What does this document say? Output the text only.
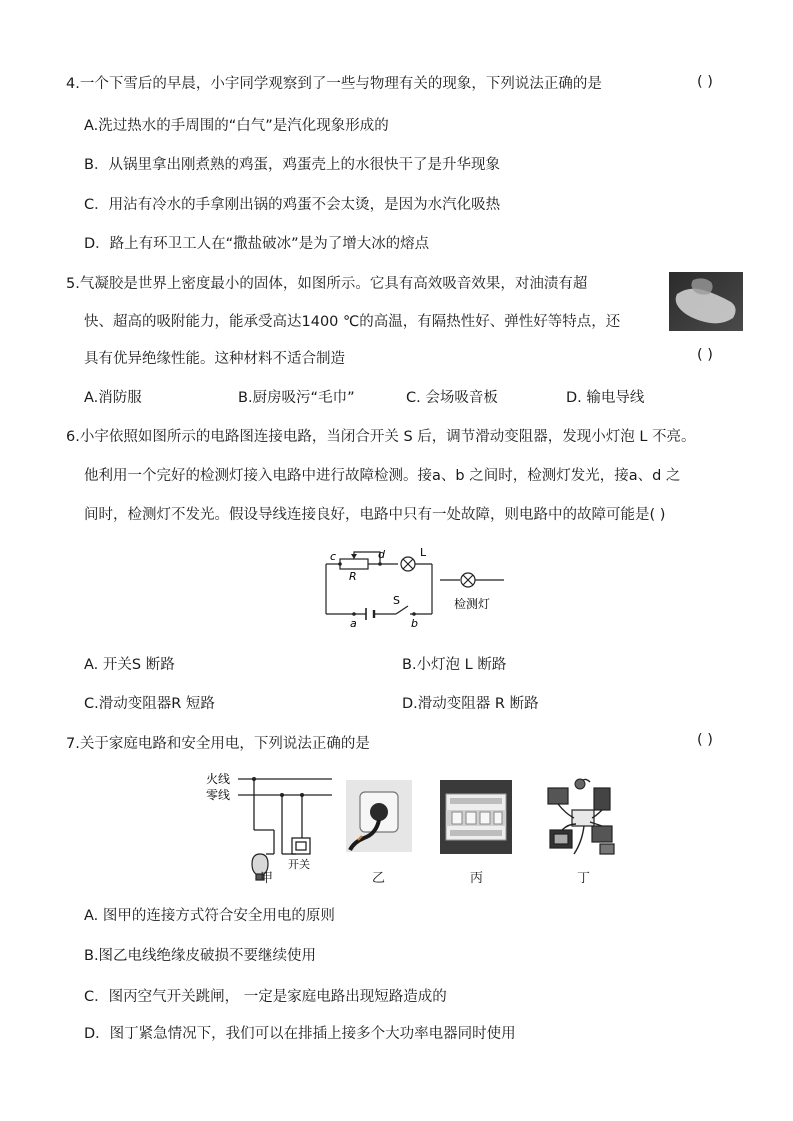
4.一个下雪后的早晨，小宇同学观察到了一些与物理有关的现象，下列说法正确的是	( )
A.洗过热水的手周围的“白气”是汽化现象形成的
B．从锅里拿出刚煮熟的鸡蛋，鸡蛋壳上的水很快干了是升华现象
C．用沾有冷水的手拿刚出锅的鸡蛋不会太烫，是因为水汽化吸热
D．路上有环卫工人在“撒盐破冰”是为了增大冰的熔点
5.气凝胶是世界上密度最小的固体，如图所示。它具有高效吸音效果，对油渍有超
快、超高的吸附能力，能承受高达1400 ℃的高温，有隔热性好、弹性好等特点，还
具有优异绝缘性能。这种材料不适合制造	( )
A.消防服	B.厨房吸污“毛巾”	C. 会场吸音板	D. 输电导线
6.小宇依照如图所示的电路图连接电路，当闭合开关 S 后，调节滑动变阻器，发现小灯泡 L 不亮。
他利用一个完好的检测灯接入电路中进行故障检测。接a、b 之间时，检测灯发光，接a、d 之
间时，检测灯不发光。假设导线连接良好，电路中只有一处故障，则电路中的故障可能是( )
c	d
R
L
S
a	b
检测灯
A. 开关S 断路	B.小灯泡 L 断路
C.滑动变阻器R 短路	D.滑动变阻器 R 断路
7.关于家庭电路和安全用电，下列说法正确的是	( )
火线
零线
开关
甲	乙	丙	丁
A. 图甲的连接方式符合安全用电的原则
B.图乙电线绝缘皮破损不要继续使用
C．图丙空气开关跳闸， 一定是家庭电路出现短路造成的
D．图丁紧急情况下，我们可以在排插上接多个大功率电器同时使用
